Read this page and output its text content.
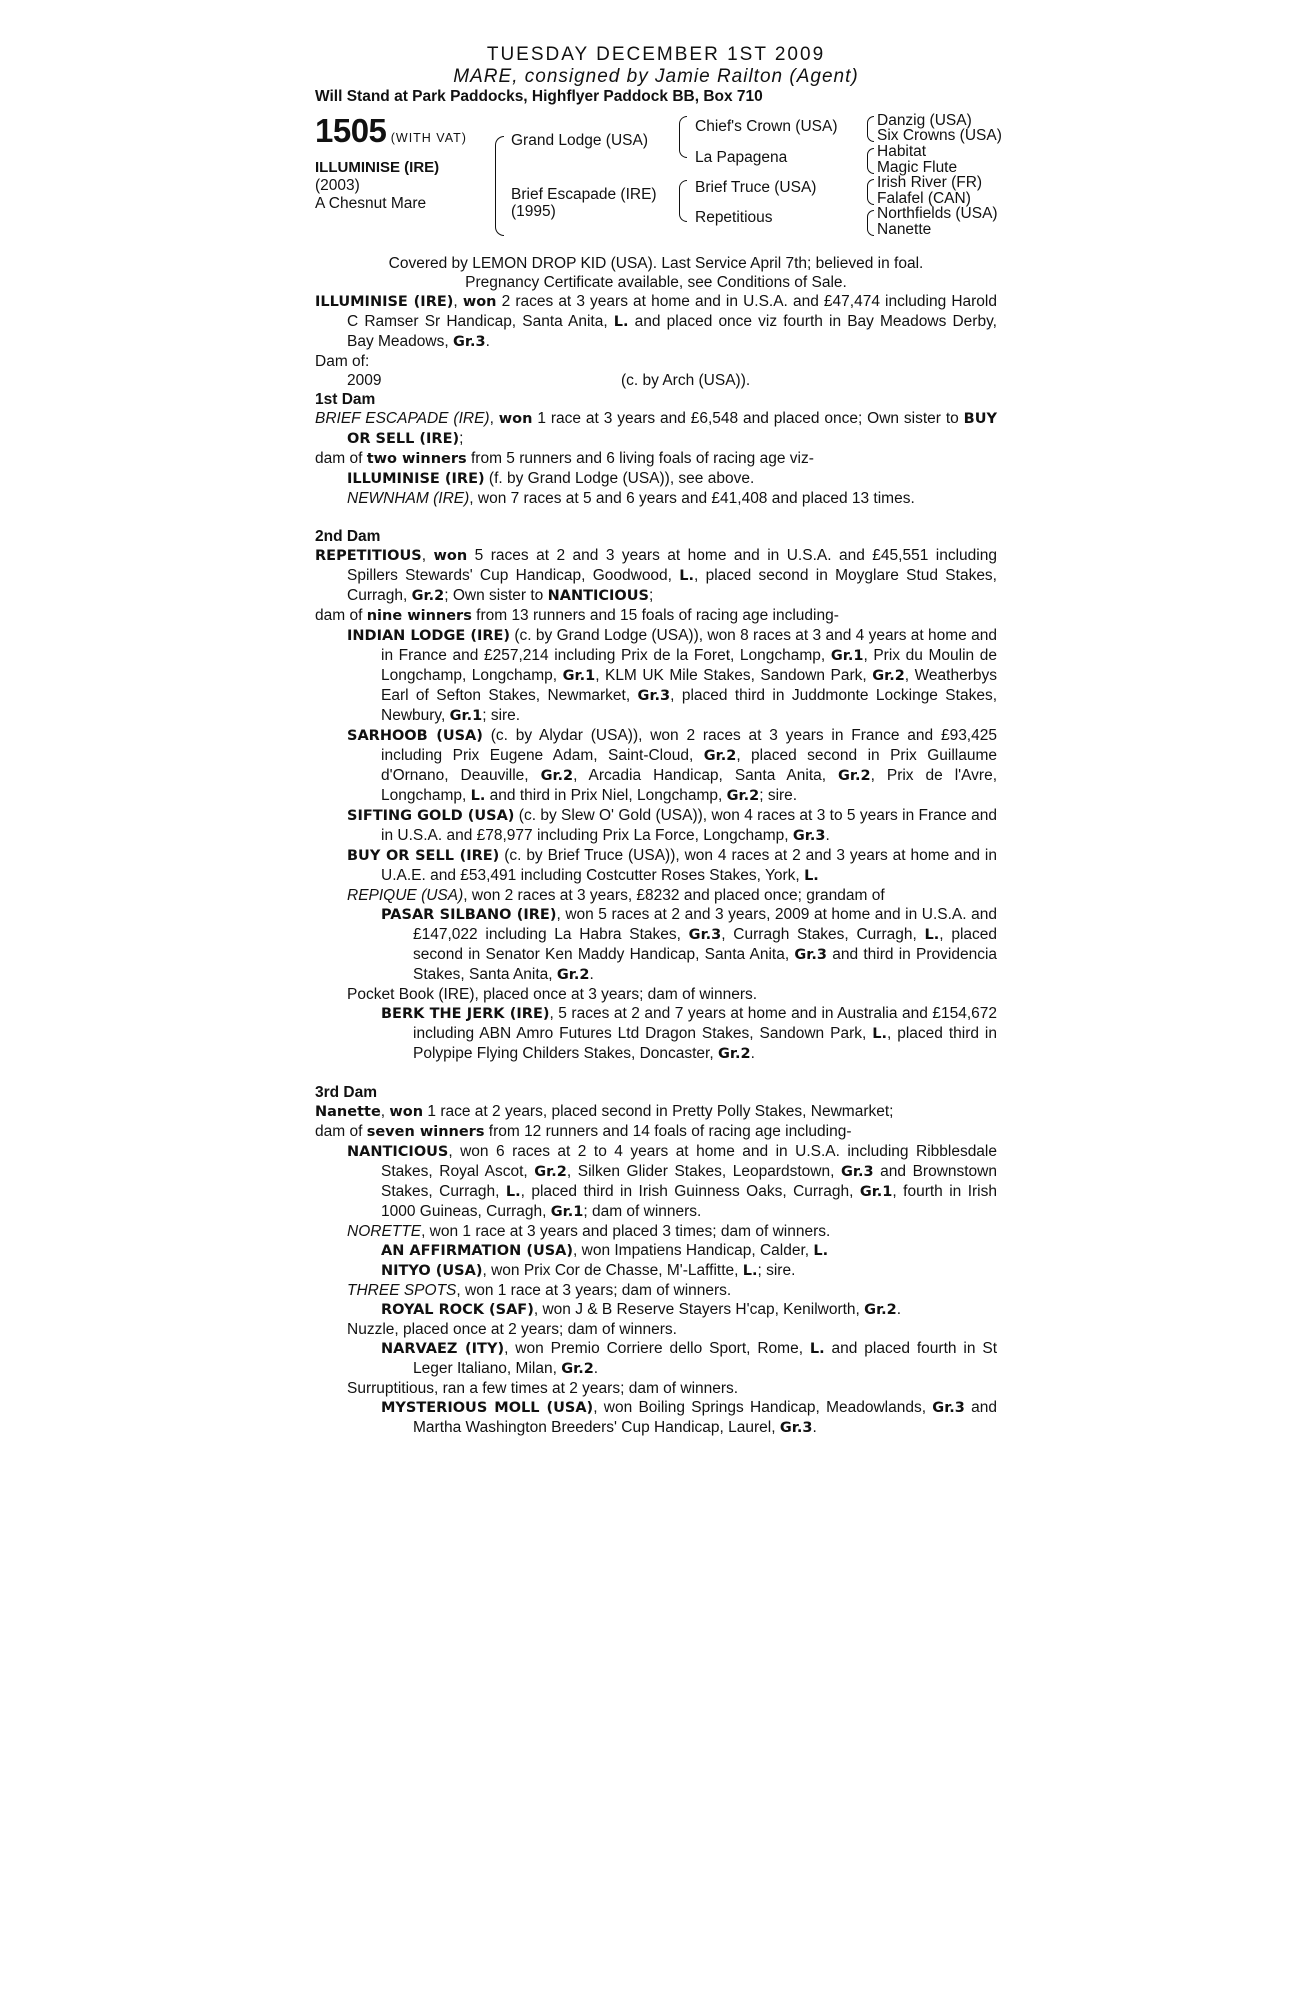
TUESDAY DECEMBER 1ST 2009

MARE, consigned by Jamie Railton (Agent)

Will Stand at Park Paddocks, Highflyer Paddock BB, Box 710

1505 (WITH VAT)
ILLUMINISE (IRE)
(2003)
A Chesnut Mare
Grand Lodge (USA)
Brief Escapade (IRE)
(1995)
Chief's Crown (USA)
La Papagena
Brief Truce (USA)
Repetitious
Danzig (USA)
Six Crowns (USA)
Habitat
Magic Flute
Irish River (FR)
Falafel (CAN)
Northfields (USA)
Nanette

Covered by LEMON DROP KID (USA). Last Service April 7th; believed in foal.

Pregnancy Certificate available, see Conditions of Sale.

ILLUMINISE (IRE), won 2 races at 3 years at home and in U.S.A. and £47,474 including Harold C Ramser Sr Handicap, Santa Anita, L. and placed once viz fourth in Bay Meadows Derby, Bay Meadows, Gr.3.

Dam of:

2009	(c. by Arch (USA)).

1st Dam

BRIEF ESCAPADE (IRE), won 1 race at 3 years and £6,548 and placed once; Own sister to BUY OR SELL (IRE);

dam of two winners from 5 runners and 6 living foals of racing age viz-

ILLUMINISE (IRE) (f. by Grand Lodge (USA)), see above.

NEWNHAM (IRE), won 7 races at 5 and 6 years and £41,408 and placed 13 times.

2nd Dam

REPETITIOUS, won 5 races at 2 and 3 years at home and in U.S.A. and £45,551 including Spillers Stewards' Cup Handicap, Goodwood, L., placed second in Moyglare Stud Stakes, Curragh, Gr.2; Own sister to NANTICIOUS;

dam of nine winners from 13 runners and 15 foals of racing age including-

INDIAN LODGE (IRE) (c. by Grand Lodge (USA)), won 8 races at 3 and 4 years at home and in France and £257,214 including Prix de la Foret, Longchamp, Gr.1, Prix du Moulin de Longchamp, Longchamp, Gr.1, KLM UK Mile Stakes, Sandown Park, Gr.2, Weatherbys Earl of Sefton Stakes, Newmarket, Gr.3, placed third in Juddmonte Lockinge Stakes, Newbury, Gr.1; sire.

SARHOOB (USA) (c. by Alydar (USA)), won 2 races at 3 years in France and £93,425 including Prix Eugene Adam, Saint-Cloud, Gr.2, placed second in Prix Guillaume d'Ornano, Deauville, Gr.2, Arcadia Handicap, Santa Anita, Gr.2, Prix de l'Avre, Longchamp, L. and third in Prix Niel, Longchamp, Gr.2; sire.

SIFTING GOLD (USA) (c. by Slew O' Gold (USA)), won 4 races at 3 to 5 years in France and in U.S.A. and £78,977 including Prix La Force, Longchamp, Gr.3.

BUY OR SELL (IRE) (c. by Brief Truce (USA)), won 4 races at 2 and 3 years at home and in U.A.E. and £53,491 including Costcutter Roses Stakes, York, L.

REPIQUE (USA), won 2 races at 3 years, £8232 and placed once; grandam of

PASAR SILBANO (IRE), won 5 races at 2 and 3 years, 2009 at home and in U.S.A. and £147,022 including La Habra Stakes, Gr.3, Curragh Stakes, Curragh, L., placed second in Senator Ken Maddy Handicap, Santa Anita, Gr.3 and third in Providencia Stakes, Santa Anita, Gr.2.

Pocket Book (IRE), placed once at 3 years; dam of winners.

BERK THE JERK (IRE), 5 races at 2 and 7 years at home and in Australia and £154,672 including ABN Amro Futures Ltd Dragon Stakes, Sandown Park, L., placed third in Polypipe Flying Childers Stakes, Doncaster, Gr.2.

3rd Dam

Nanette, won 1 race at 2 years, placed second in Pretty Polly Stakes, Newmarket;

dam of seven winners from 12 runners and 14 foals of racing age including-

NANTICIOUS, won 6 races at 2 to 4 years at home and in U.S.A. including Ribblesdale Stakes, Royal Ascot, Gr.2, Silken Glider Stakes, Leopardstown, Gr.3 and Brownstown Stakes, Curragh, L., placed third in Irish Guinness Oaks, Curragh, Gr.1, fourth in Irish 1000 Guineas, Curragh, Gr.1; dam of winners.

NORETTE, won 1 race at 3 years and placed 3 times; dam of winners.

AN AFFIRMATION (USA), won Impatiens Handicap, Calder, L.

NITYO (USA), won Prix Cor de Chasse, M'-Laffitte, L.; sire.

THREE SPOTS, won 1 race at 3 years; dam of winners.

ROYAL ROCK (SAF), won J & B Reserve Stayers H'cap, Kenilworth, Gr.2.

Nuzzle, placed once at 2 years; dam of winners.

NARVAEZ (ITY), won Premio Corriere dello Sport, Rome, L. and placed fourth in St Leger Italiano, Milan, Gr.2.

Surruptitious, ran a few times at 2 years; dam of winners.

MYSTERIOUS MOLL (USA), won Boiling Springs Handicap, Meadowlands, Gr.3 and Martha Washington Breeders' Cup Handicap, Laurel, Gr.3.
